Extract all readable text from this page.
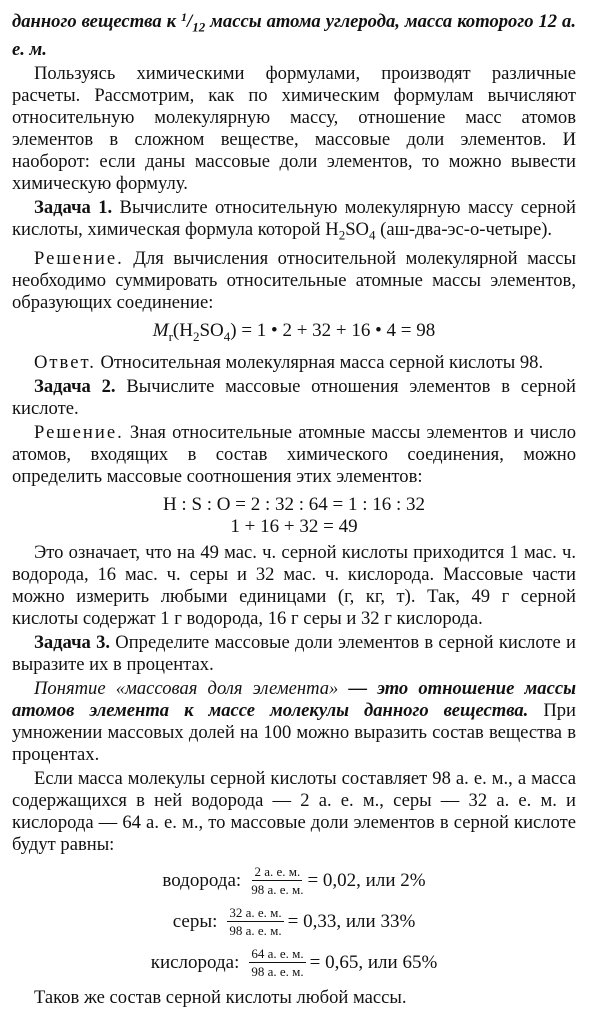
данного вещества к $^1/_{12}$ массы атома углерода, масса которого 12 а. е. м.

Пользуясь химическими формулами, производят различные расчеты. Рассмотрим, как по химическим формулам вычисляют относительную молекулярную массу, отношение масс атомов элементов в сложном веществе, массовые доли элементов. И наоборот: если даны массовые доли элементов, то можно вывести химическую формулу.

Задача 1. Вычислите относительную молекулярную массу серной кислоты, химическая формула которой $H_2SO_4$ (аш-два-эс-о-четыре).

Решение. Для вычисления относительной молекулярной массы необходимо суммировать относительные атомные массы элементов, образующих соединение:

$M_r(H_2SO_4) = 1$ • 2 + 32 + 16 • 4 = 98

Ответ. Относительная молекулярная масса серной кислоты 98.

Задача 2. Вычислите массовые отношения элементов в серной кислоте.

Решение. Зная относительные атомные массы элементов и число атомов, входящих в состав химического соединения, можно определить массовые соотношения этих элементов:

H : S : O = 2 : 32 : 64 = 1 : 16 : 32

1 + 16 + 32 = 49

Это означает, что на 49 мас. ч. серной кислоты приходится 1 мас. ч. водорода, 16 мас. ч. серы и 32 мас. ч. кислорода. Массовые части можно измерить любыми единицами (г, кг, т). Так, 49 г серной кислоты содержат 1 г водорода, 16 г серы и 32 г кислорода.

Задача 3. Определите массовые доли элементов в серной кислоте и выразите их в процентах.

Понятие «массовая доля элемента» — это отношение массы атомов элемента к массе молекулы данного вещества. При умножении массовых долей на 100 можно выразить состав вещества в процентах.

Если масса молекулы серной кислоты составляет 98 а. е. м., а масса содержащихся в ней водорода — 2 а. е. м., серы — 32 а. е. м. и кислорода — 64 а. е. м., то массовые доли элементов в серной кислоте будут равны:

водорода: $\frac{2 а. е. м.}{98 а. е. м.} = 0,02$, или 2%
серы: $\frac{32 а. е. м.}{98 а. е. м.} = 0,33$, или 33%
кислорода: $\frac{64 а. е. м.}{98 а. е. м.} = 0,65$, или 65%

Таков же состав серной кислоты любой массы.
